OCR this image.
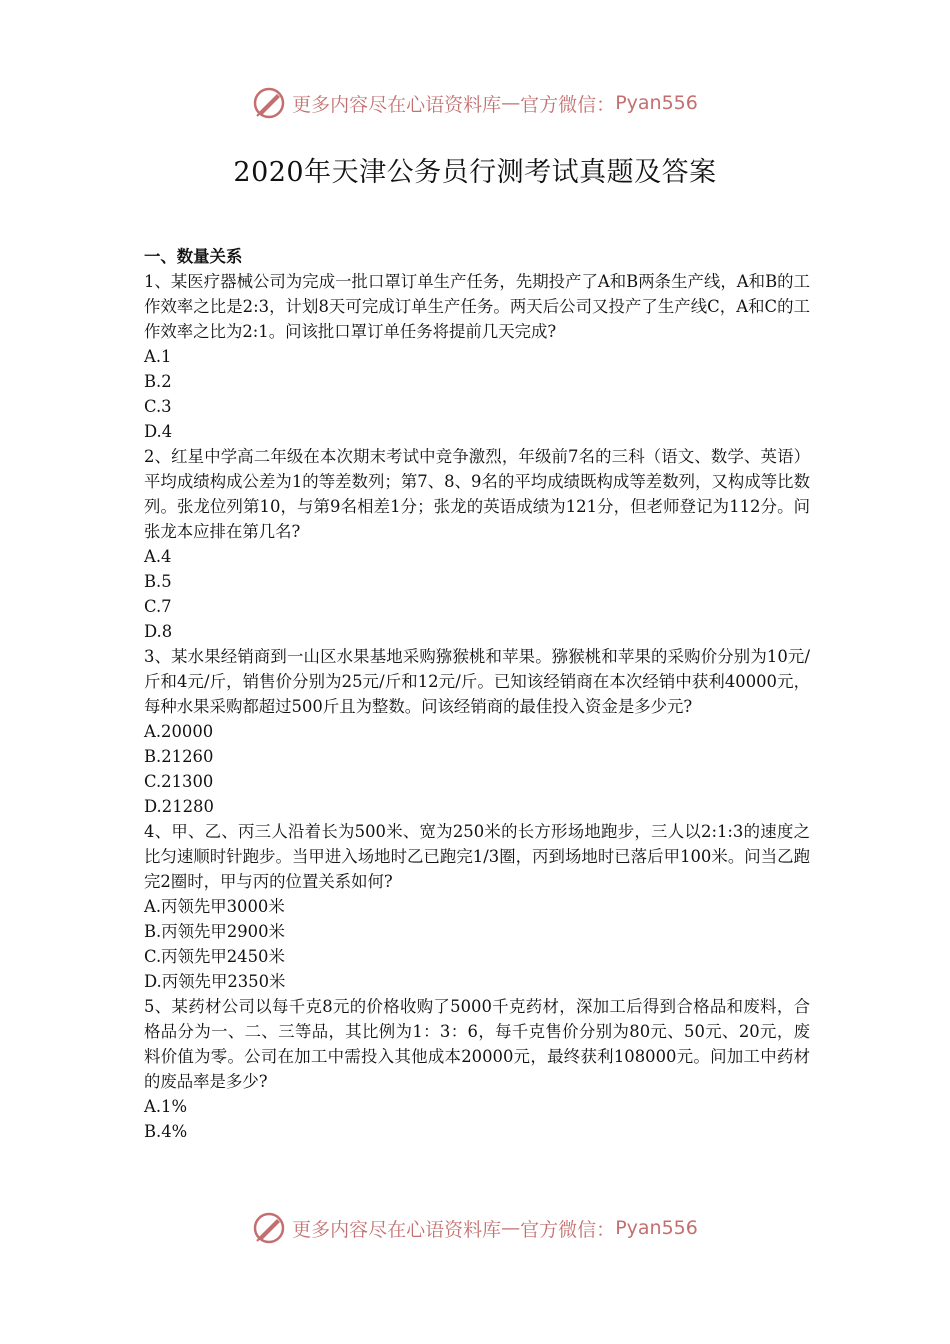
更多内容尽在心语资料库 — 官方微信： Pyan556
2020年天津公务员行测考试真题及答案
一、数量关系
1、某医疗器械公司为完成一批口罩订单生产任务，先期投产了A和B两条生产线，A和B的工作效率之比是2:3，计划8天可完成订单生产任务。两天后公司又投产了生产线C，A和C的工作效率之比为2:1。问该批口罩订单任务将提前几天完成?
A.1
B.2
C.3
D.4
2、红星中学高二年级在本次期末考试中竞争激烈，年级前7名的三科（语文、数学、英语）平均成绩构成公差为1的等差数列；第7、8、9名的平均成绩既构成等差数列，又构成等比数列。张龙位列第10，与第9名相差1分；张龙的英语成绩为121分，但老师登记为112分。问张龙本应排在第几名?
A.4
B.5
C.7
D.8
3、某水果经销商到一山区水果基地采购猕猴桃和苹果。猕猴桃和苹果的采购价分别为10元/斤和4元/斤，销售价分别为25元/斤和12元/斤。已知该经销商在本次经销中获利40000元，每种水果采购都超过500斤且为整数。问该经销商的最佳投入资金是多少元?
A.20000
B.21260
C.21300
D.21280
4、甲、乙、丙三人沿着长为500米、宽为250米的长方形场地跑步，三人以2:1:3的速度之比匀速顺时针跑步。当甲进入场地时乙已跑完1/3圈，丙到场地时已落后甲100米。问当乙跑完2圈时，甲与丙的位置关系如何?
A.丙领先甲3000米
B.丙领先甲2900米
C.丙领先甲2450米
D.丙领先甲2350米
5、某药材公司以每千克8元的价格收购了5000千克药材，深加工后得到合格品和废料，合格品分为一、二、三等品，其比例为1：3：6，每千克售价分别为80元、50元、20元，废料价值为零。公司在加工中需投入其他成本20000元，最终获利108000元。问加工中药材的废品率是多少?
A.1%
B.4%
更多内容尽在心语资料库 — 官方微信： Pyan556
